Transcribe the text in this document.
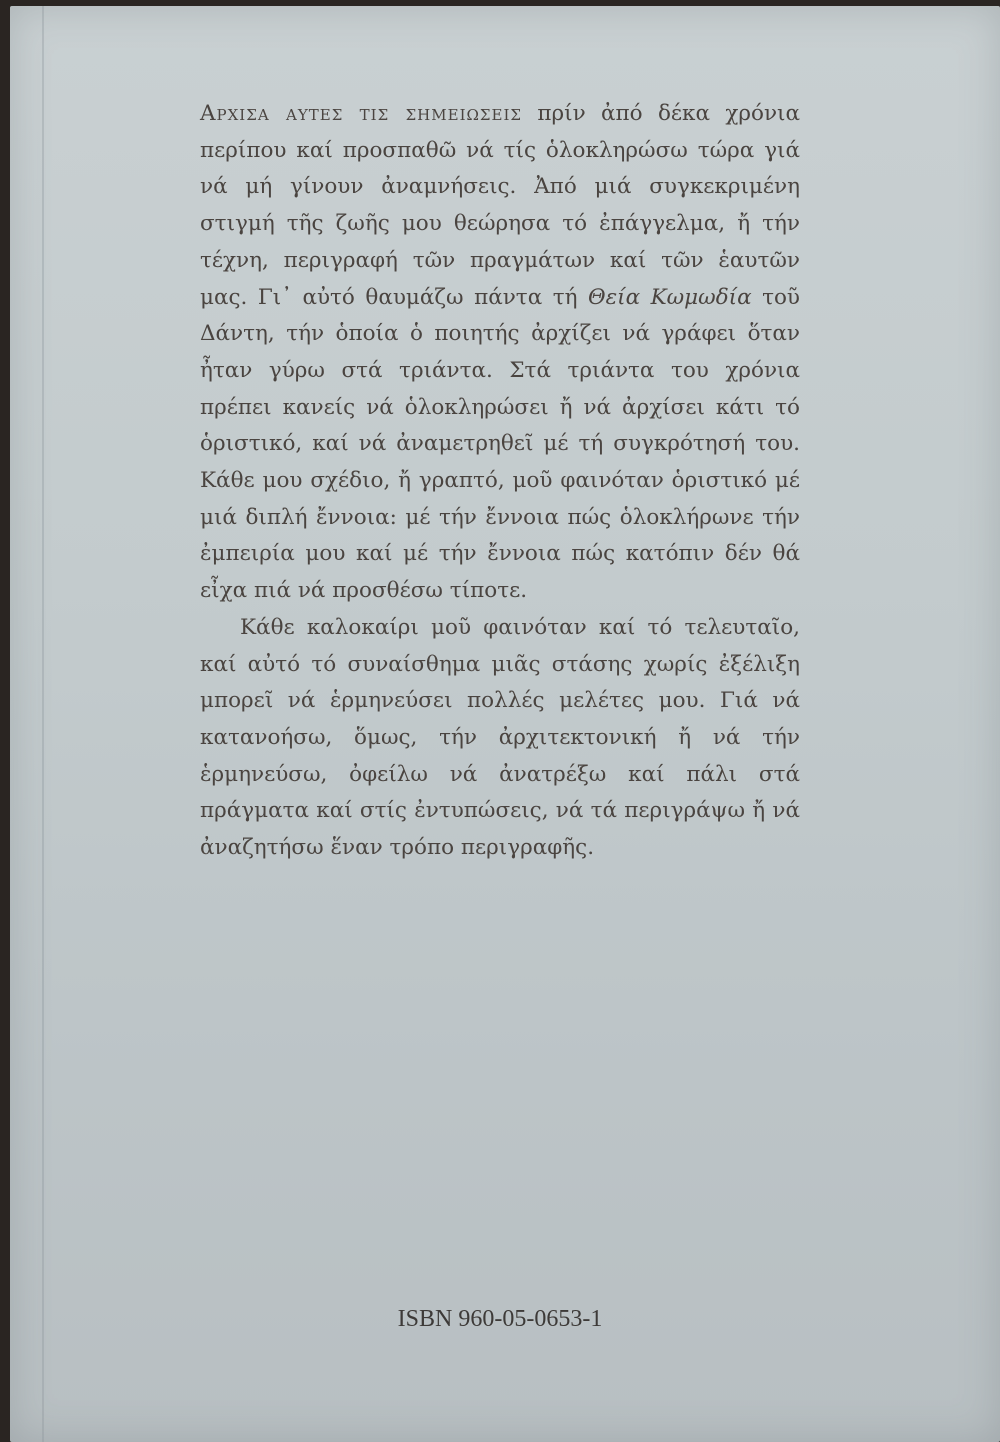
Αρχισα αυτες τις σημειωσεις πρίν ἀπό δέκα χρόνια περίπου καί προσπαθῶ νά τίς ὁλοκληρώσω τώρα γιά νά μή γίνουν ἀναμνήσεις. Ἀπό μιά συγκεκριμένη στιγμή τῆς ζωῆς μου θεώρησα τό ἐπάγγελμα, ἤ τήν τέχνη, περιγραφή τῶν πραγμάτων καί τῶν ἑαυτῶν μας. Γι᾽ αὐτό θαυμάζω πάντα τή Θεία Κωμωδία τοῦ Δάντη, τήν ὁποία ὁ ποιητής ἀρχίζει νά γράφει ὅταν ἦταν γύρω στά τριάντα. Στά τριάντα του χρόνια πρέπει κανείς νά ὁλοκληρώσει ἤ νά ἀρχίσει κάτι τό ὁριστικό, καί νά ἀναμετρηθεῖ μέ τή συγκρότησή του. Κάθε μου σχέδιο, ἤ γραπτό, μοῦ φαινόταν ὁριστικό μέ μιά διπλή ἔννοια: μέ τήν ἔννοια πώς ὁλοκλήρωνε τήν ἐμπειρία μου καί μέ τήν ἔννοια πώς κατόπιν δέν θά εἶχα πιά νά προσθέσω τίποτε.

Κάθε καλοκαίρι μοῦ φαινόταν καί τό τελευταῖο, καί αὐτό τό συναίσθημα μιᾶς στάσης χωρίς ἐξέλιξη μπορεῖ νά ἑρμηνεύσει πολλές μελέτες μου. Γιά νά κατανοήσω, ὅμως, τήν ἀρχιτεκτονική ἤ νά τήν ἑρμηνεύσω, ὀφείλω νά ἀνατρέξω καί πάλι στά πράγματα καί στίς ἐντυπώσεις, νά τά περιγράψω ἤ νά ἀναζητήσω ἕναν τρόπο περιγραφῆς.

ISBN 960-05-0653-1
